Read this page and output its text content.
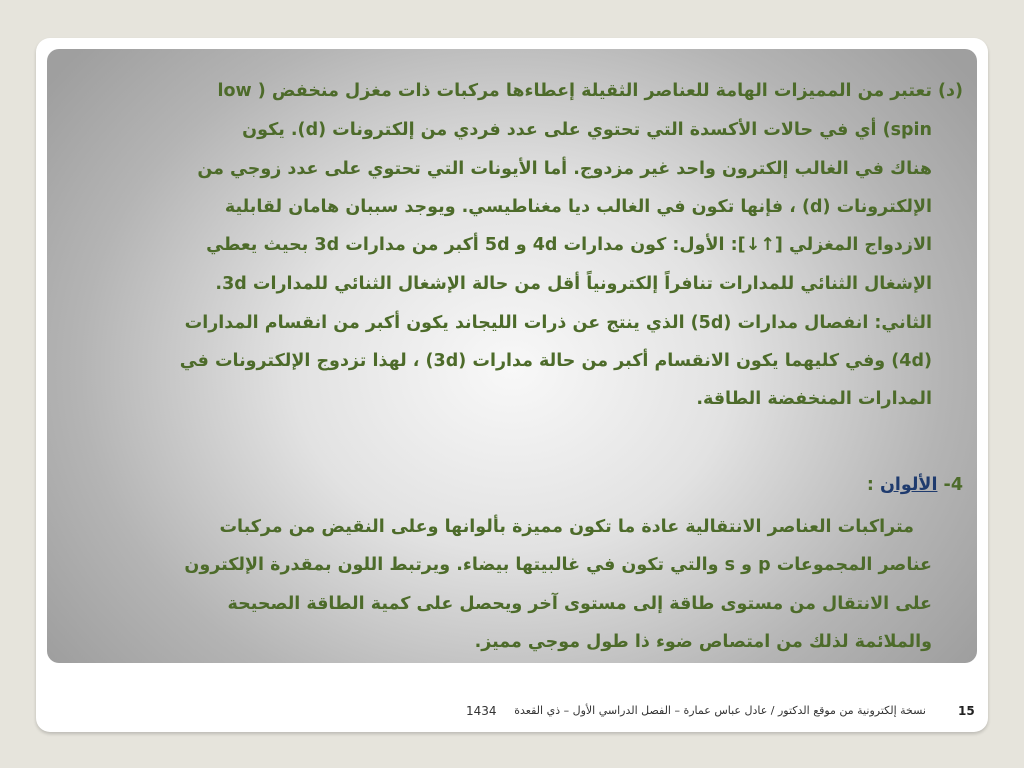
(د) تعتبر من المميزات الهامة للعناصر الثقيلة إعطاءها مركبات ذات مغزل منخفض ( low
spin) أي في حالات الأكسدة التي تحتوي على عدد فردي من إلكترونات (d). يكون
هناك في الغالب إلكترون واحد غير مزدوج. أما الأيونات التي تحتوي على عدد زوجي من
الإلكترونات (d) ، فإنها تكون في الغالب ديا مغناطيسي. ويوجد سببان هامان لقابلية
الازدواج المغزلي [↑↓]: الأول: كون مدارات 4d و 5d أكبر من مدارات 3d بحيث يعطي
الإشغال الثنائي للمدارات تنافراً إلكترونياً أقل من حالة الإشغال الثنائي للمدارات 3d.
الثاني: انفصال مدارات (5d) الذي ينتج عن ذرات الليجاند يكون أكبر من انقسام المدارات
(4d) وفي كليهما يكون الانقسام أكبر من حالة مدارات (3d) ، لهذا تزدوج الإلكترونات في
المدارات المنخفضة الطاقة.
4- الألوان :
متراكبات العناصر الانتقالية عادة ما تكون مميزة بألوانها وعلى النقيض من مركبات
عناصر المجموعات p و s والتي تكون في غالبيتها بيضاء. ويرتبط اللون بمقدرة الإلكترون
على الانتقال من مستوى طاقة إلى مستوى آخر ويحصل على كمية الطاقة الصحيحة
والملائمة لذلك من امتصاص ضوء ذا طول موجي مميز.
15
نسخة إلكترونية من موقع الدكتور / عادل عباس عمارة – الفصل الدراسي الأول – ذي القعدة
1434
